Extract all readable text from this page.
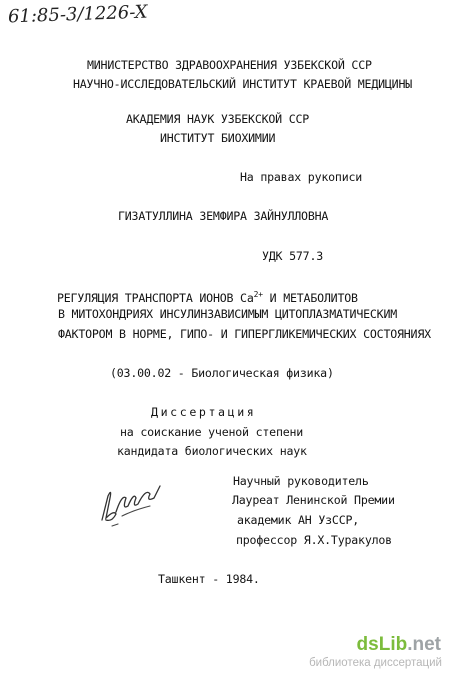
61:85-3/1226-X
МИНИСТЕРСТВО ЗДРАВООХРАНЕНИЯ УЗБЕКСКОЙ ССР
НАУЧНО-ИССЛЕДОВАТЕЛЬСКИЙ ИНСТИТУТ КРАЕВОЙ МЕДИЦИНЫ
АКАДЕМИЯ НАУК УЗБЕКСКОЙ ССР
ИНСТИТУТ БИОХИМИИ
На правах рукописи
ГИЗАТУЛЛИНА ЗЕМФИРА ЗАЙНУЛЛОВНА
УДК 577.3
РЕГУЛЯЦИЯ ТРАНСПОРТА ИОНОВ $Са^{2+}$ И МЕТАБОЛИТОВ
В МИТОХОНДРИЯХ ИНСУЛИНЗАВИСИМЫМ ЦИТОПЛАЗМАТИЧЕСКИМ
ФАКТОРОМ В НОРМЕ, ГИПО- И ГИПЕРГЛИКЕМИЧЕСКИХ СОСТОЯНИЯХ
(03.00.02 - Биологическая физика)
Диссертация
на соискание ученой степени
кандидата биологических наук
Научный руководитель
Лауреат Ленинской Премии
академик АН УзССР,
профессор Я.Х.Туракулов
Ташкент - 1984.
dsLib.net
библиотека диссертаций
